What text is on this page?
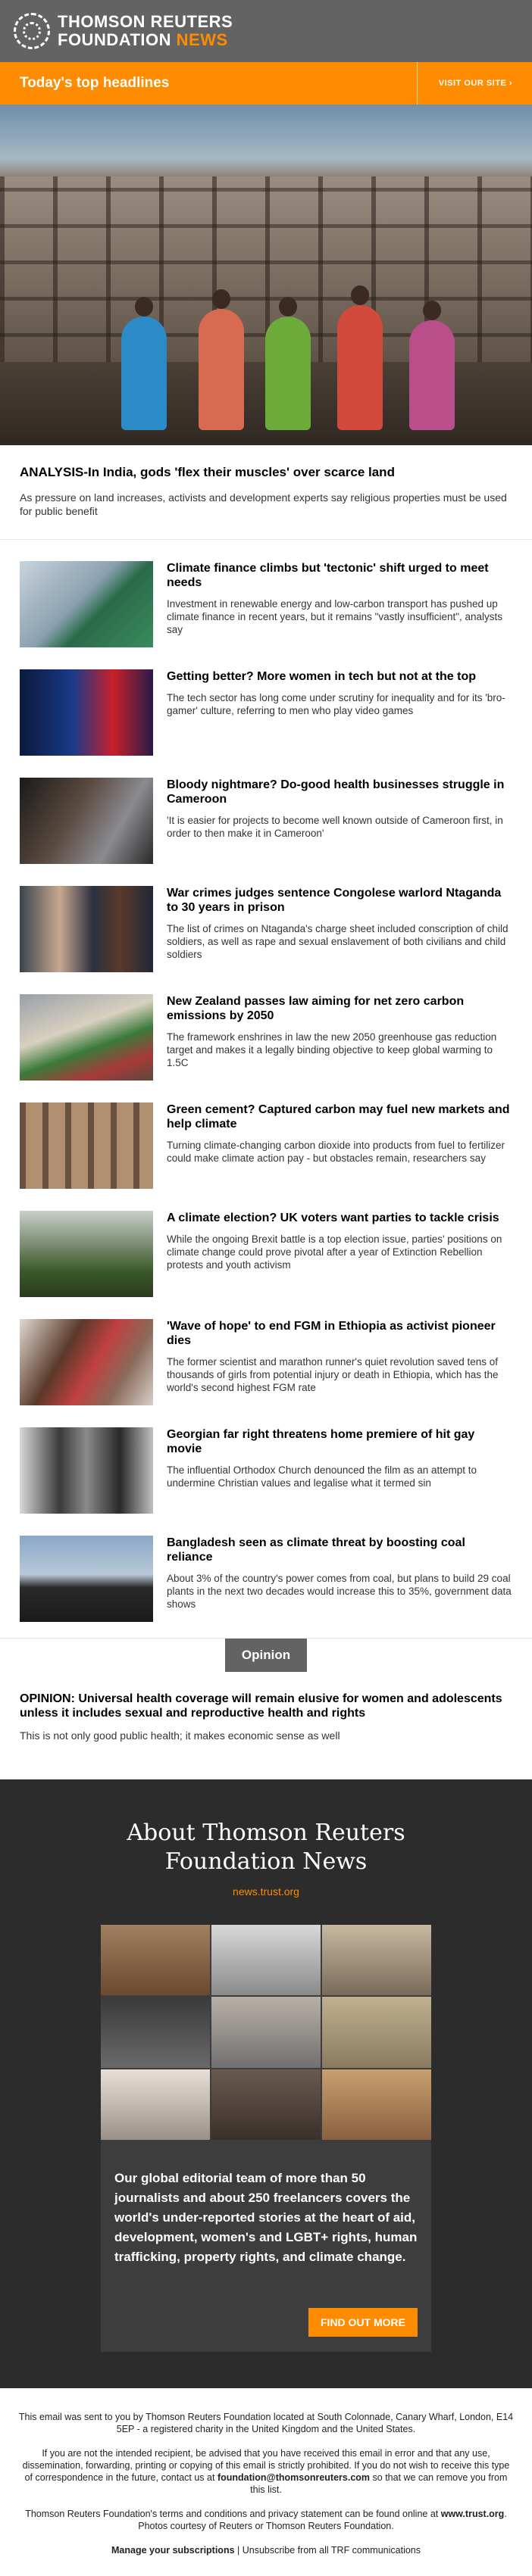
THOMSON REUTERS
FOUNDATION NEWS
Today's top headlines	VISIT OUR SITE ›
ANALYSIS-In India, gods 'flex their muscles' over scarce land

As pressure on land increases, activists and development experts say religious properties must be used for public benefit

Climate finance climbs but 'tectonic' shift urged to meet needs

Investment in renewable energy and low-carbon transport has pushed up climate finance in recent years, but it remains "vastly insufficient", analysts say

Getting better? More women in tech but not at the top

The tech sector has long come under scrutiny for inequality and for its 'bro-gamer' culture, referring to men who play video games

Bloody nightmare? Do-good health businesses struggle in Cameroon

'It is easier for projects to become well known outside of Cameroon first, in order to then make it in Cameroon'

War crimes judges sentence Congolese warlord Ntaganda to 30 years in prison

The list of crimes on Ntaganda's charge sheet included conscription of child soldiers, as well as rape and sexual enslavement of both civilians and child soldiers

New Zealand passes law aiming for net zero carbon emissions by 2050

The framework enshrines in law the new 2050 greenhouse gas reduction target and makes it a legally binding objective to keep global warming to 1.5C

Green cement? Captured carbon may fuel new markets and help climate

Turning climate-changing carbon dioxide into products from fuel to fertilizer could make climate action pay - but obstacles remain, researchers say

A climate election? UK voters want parties to tackle crisis

While the ongoing Brexit battle is a top election issue, parties' positions on climate change could prove pivotal after a year of Extinction Rebellion protests and youth activism

'Wave of hope' to end FGM in Ethiopia as activist pioneer dies

The former scientist and marathon runner's quiet revolution saved tens of thousands of girls from potential injury or death in Ethiopia, which has the world's second highest FGM rate

Georgian far right threatens home premiere of hit gay movie

The influential Orthodox Church denounced the film as an attempt to undermine Christian values and legalise what it termed sin

Bangladesh seen as climate threat by boosting coal reliance

About 3% of the country's power comes from coal, but plans to build 29 coal plants in the next two decades would increase this to 35%, government data shows

Opinion
OPINION: Universal health coverage will remain elusive for women and adolescents unless it includes sexual and reproductive health and rights

This is not only good public health; it makes economic sense as well

About Thomson Reuters
Foundation News
news.trust.org
Our global editorial team of more than 50 journalists and about 250 freelancers covers the world's under-reported stories at the heart of aid, development, women's and LGBT+ rights, human trafficking, property rights, and climate change.
FIND OUT MORE

This email was sent to you by Thomson Reuters Foundation located at South Colonnade, Canary Wharf, London, E14 5EP - a registered charity in the United Kingdom and the United States.

If you are not the intended recipient, be advised that you have received this email in error and that any use, dissemination, forwarding, printing or copying of this email is strictly prohibited. If you do not wish to receive this type of correspondence in the future, contact us at foundation@thomsonreuters.com so that we can remove you from this list.

Thomson Reuters Foundation's terms and conditions and privacy statement can be found online at www.trust.org. Photos courtesy of Reuters or Thomson Reuters Foundation.

Manage your subscriptions | Unsubscribe from all TRF communications
